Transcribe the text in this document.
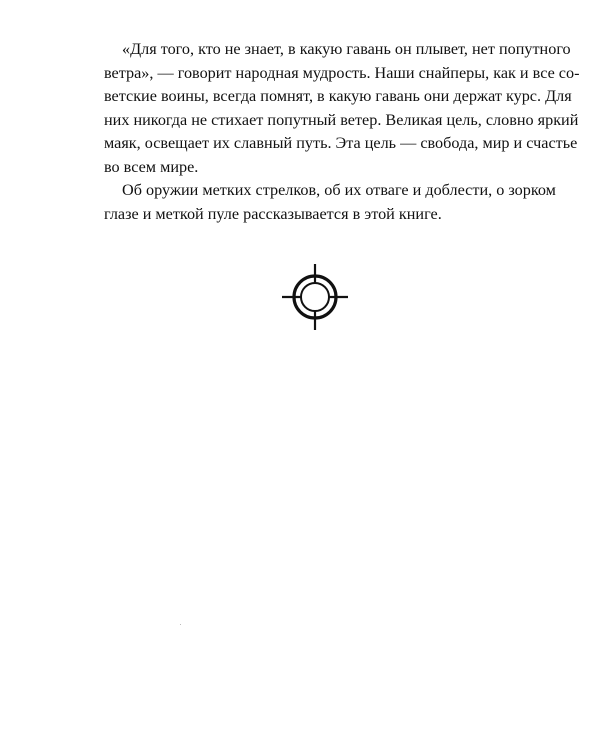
«Для того, кто не знает, в какую гавань он плывет, нет попутного
ветра», — говорит народная мудрость. Наши снайперы, как и все со-
ветские воины, всегда помнят, в какую гавань они держат курс. Для
них никогда не стихает попутный ветер. Великая цель, словно яркий
маяк, освещает их славный путь. Эта цель — свобода, мир и счастье
во всем мире.
Об оружии метких стрелков, об их отваге и доблести, о зорком
глазе и меткой пуле рассказывается в этой книге.
